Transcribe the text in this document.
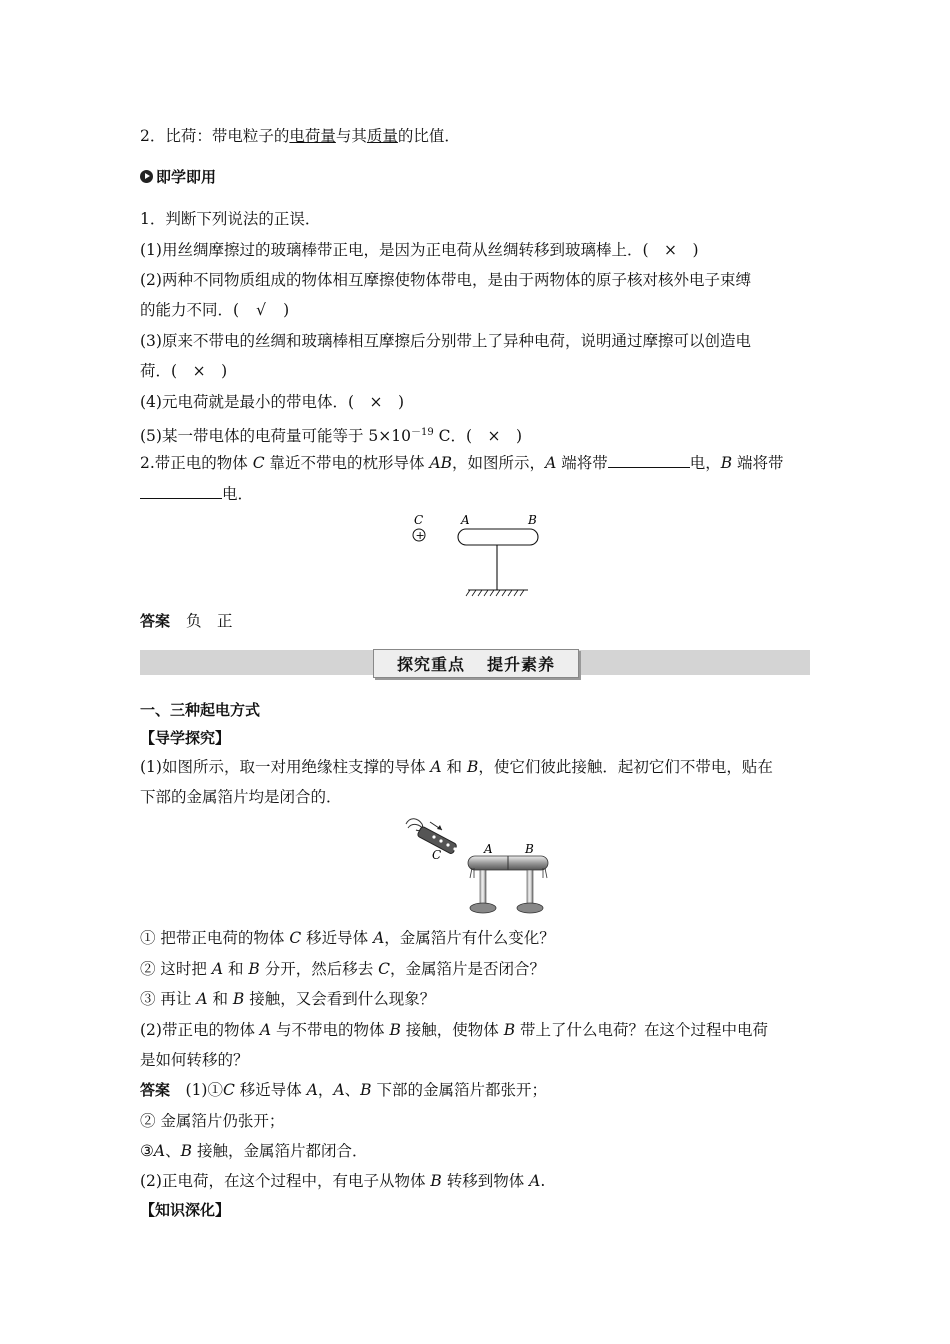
2．比荷：带电粒子的电荷量与其质量的比值．
即学即用
1．判断下列说法的正误．
(1)用丝绸摩擦过的玻璃棒带正电，是因为正电荷从丝绸转移到玻璃棒上．( × )
(2)两种不同物质组成的物体相互摩擦使物体带电，是由于两物体的原子核对核外电子束缚
的能力不同．( √ )
(3)原来不带电的丝绸和玻璃棒相互摩擦后分别带上了异种电荷，说明通过摩擦可以创造电
荷．( × )
(4)元电荷就是最小的带电体．( × )
(5)某一带电体的电荷量可能等于 $5\times 10^{-19}$ C．( × )
2.带正电的物体 C 靠近不带电的枕形导体 AB，如图所示，A 端将带	电，B 端将带
电．
C
+
A	B
答案 负　正
探究重点 提升素养
一、三种起电方式
【导学探究】
(1)如图所示，取一对用绝缘柱支撑的导体 A 和 B，使它们彼此接触．起初它们不带电，贴在
下部的金属箔片均是闭合的．
C	A	B
① 把带正电荷的物体 C 移近导体 A，金属箔片有什么变化？
② 这时把 A 和 B 分开，然后移去 C，金属箔片是否闭合？
③ 再让 A 和 B 接触，又会看到什么现象？
(2)带正电的物体 A 与不带电的物体 B 接触，使物体 B 带上了什么电荷？在这个过程中电荷
是如何转移的？
答案　(1)①C 移近导体 A，A、B 下部的金属箔片都张开；
② 金属箔片仍张开；
③A、B 接触，金属箔片都闭合．
(2)正电荷，在这个过程中，有电子从物体 B 转移到物体 A.
【知识深化】
